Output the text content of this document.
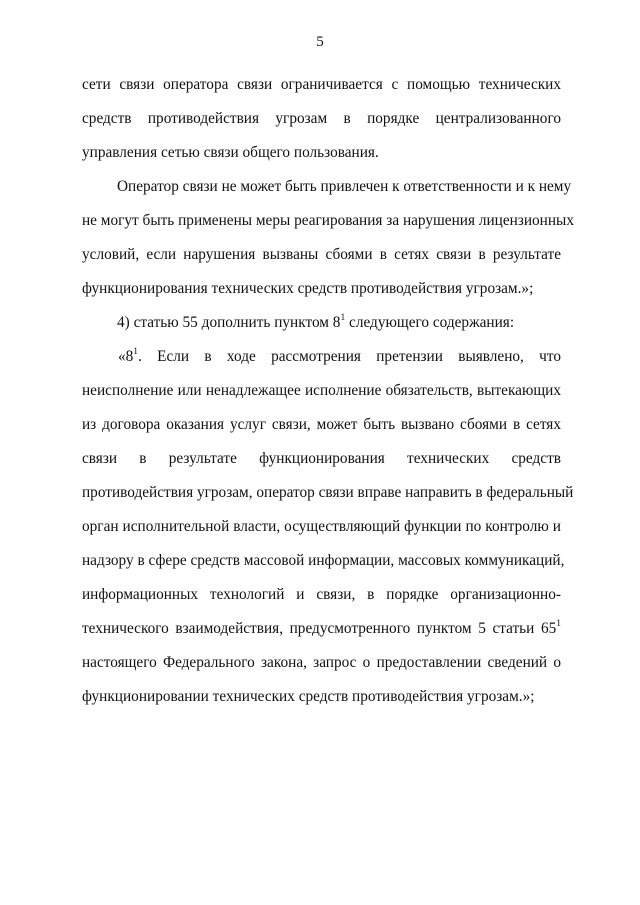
5
сети связи оператора связи ограничивается с помощью технических
средств противодействия угрозам в порядке централизованного
управления сетью связи общего пользования.
Оператор связи не может быть привлечен к ответственности и к нему
не могут быть применены меры реагирования за нарушения лицензионных
условий, если нарушения вызваны сбоями в сетях связи в результате
функционирования технических средств противодействия угрозам.»;
4) статью 55 дополнить пунктом $8^1$ следующего содержания:
«$8^1$. Если в ходе рассмотрения претензии выявлено, что
неисполнение или ненадлежащее исполнение обязательств, вытекающих
из договора оказания услуг связи, может быть вызвано сбоями в сетях
связи в результате функционирования технических средств
противодействия угрозам, оператор связи вправе направить в федеральный
орган исполнительной власти, осуществляющий функции по контролю и
надзору в сфере средств массовой информации, массовых коммуникаций,
информационных технологий и связи, в порядке организационно-
технического взаимодействия, предусмотренного пунктом 5 статьи $65^1$
настоящего Федерального закона, запрос о предоставлении сведений о
функционировании технических средств противодействия угрозам.»;
